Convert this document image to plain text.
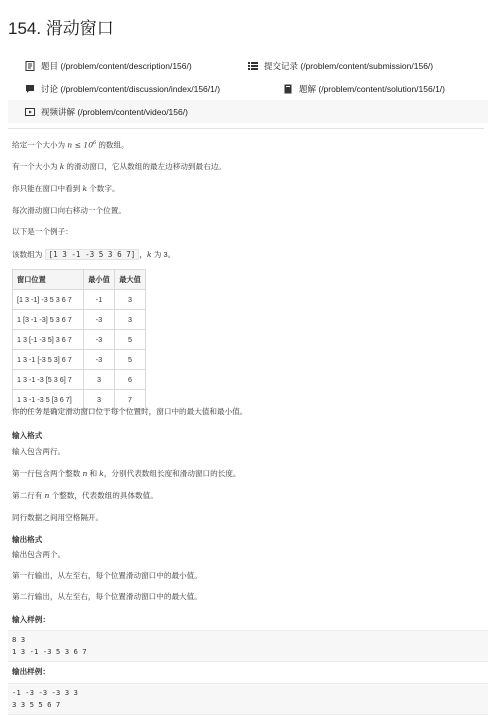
154. 滑动窗口
题目 (/problem/content/description/156/)	提交记录 (/problem/content/submission/156/)
讨论 (/problem/content/discussion/index/156/1/)	题解 (/problem/content/solution/156/1/)
视频讲解 (/problem/content/video/156/)

给定一个大小为 $n \le 10^6$ 的数组。

有一个大小为 k 的滑动窗口，它从数组的最左边移动到最右边。

你只能在窗口中看到 k 个数字。

每次滑动窗口向右移动一个位置。

以下是一个例子：

该数组为 [1 3 -1 -3 5 3 6 7] ，k 为 3。

窗口位置	最小值	最大值
[1 3 -1] -3 5 3 6 7	-1	3
1 [3 -1 -3] 5 3 6 7	-3	3
1 3 [-1 -3 5] 3 6 7	-3	5
1 3 -1 [-3 5 3] 6 7	-3	5
1 3 -1 -3 [5 3 6] 7	3	6
1 3 -1 -3 5 [3 6 7]	3	7

你的任务是确定滑动窗口位于每个位置时，窗口中的最大值和最小值。

输入格式

输入包含两行。

第一行包含两个整数 n 和 k，分别代表数组长度和滑动窗口的长度。

第二行有 n 个整数，代表数组的具体数值。

同行数据之间用空格隔开。

输出格式

输出包含两个。

第一行输出，从左至右，每个位置滑动窗口中的最小值。

第二行输出，从左至右，每个位置滑动窗口中的最大值。

输入样例：

输出样例：

8 3
1 3 -1 -3 5 3 6 7
-1 -3 -3 -3 3 3
3 3 5 5 6 7
